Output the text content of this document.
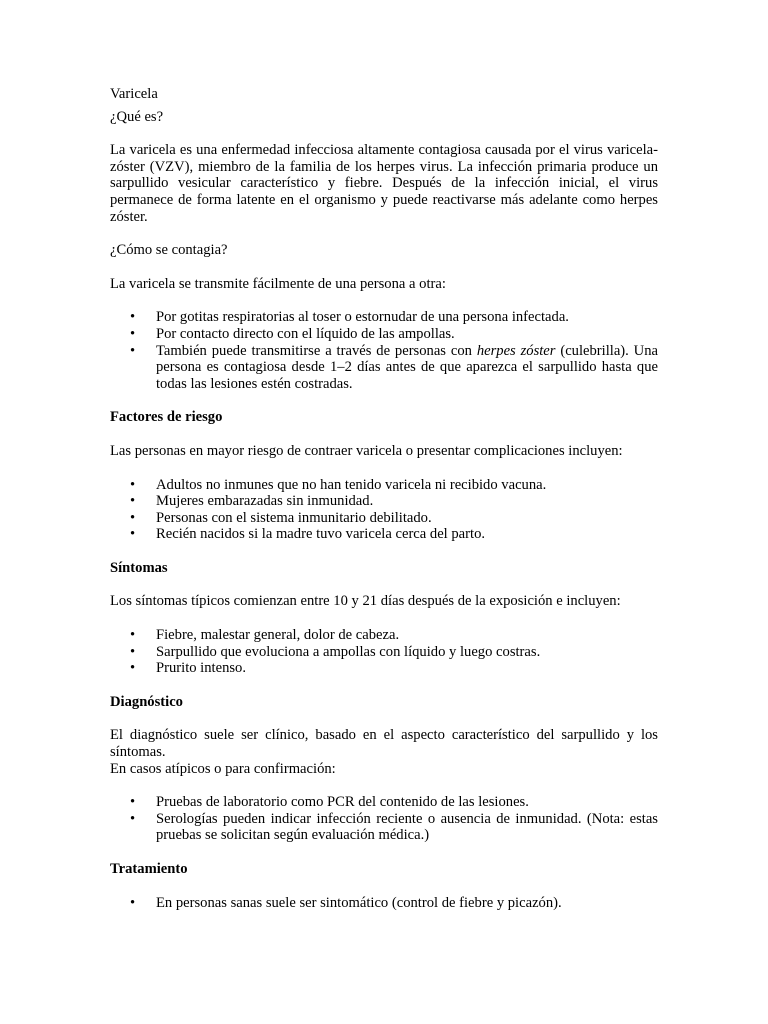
Varicela

¿Qué es?

La varicela es una enfermedad infecciosa altamente contagiosa causada por el virus varicela-zóster (VZV), miembro de la familia de los herpes virus. La infección primaria produce un sarpullido vesicular característico y fiebre. Después de la infección inicial, el virus permanece de forma latente en el organismo y puede reactivarse más adelante como herpes zóster.

¿Cómo se contagia?

La varicela se transmite fácilmente de una persona a otra:

• Por gotitas respiratorias al toser o estornudar de una persona infectada.
• Por contacto directo con el líquido de las ampollas.
• También puede transmitirse a través de personas con herpes zóster (culebrilla). Una persona es contagiosa desde 1–2 días antes de que aparezca el sarpullido hasta que todas las lesiones estén costradas.

Factores de riesgo

Las personas en mayor riesgo de contraer varicela o presentar complicaciones incluyen:

• Adultos no inmunes que no han tenido varicela ni recibido vacuna.
• Mujeres embarazadas sin inmunidad.
• Personas con el sistema inmunitario debilitado.
• Recién nacidos si la madre tuvo varicela cerca del parto.

Síntomas

Los síntomas típicos comienzan entre 10 y 21 días después de la exposición e incluyen:

• Fiebre, malestar general, dolor de cabeza.
• Sarpullido que evoluciona a ampollas con líquido y luego costras.
• Prurito intenso.

Diagnóstico

El diagnóstico suele ser clínico, basado en el aspecto característico del sarpullido y los síntomas.

En casos atípicos o para confirmación:

• Pruebas de laboratorio como PCR del contenido de las lesiones.
• Serologías pueden indicar infección reciente o ausencia de inmunidad. (Nota: estas pruebas se solicitan según evaluación médica.)

Tratamiento

• En personas sanas suele ser sintomático (control de fiebre y picazón).
